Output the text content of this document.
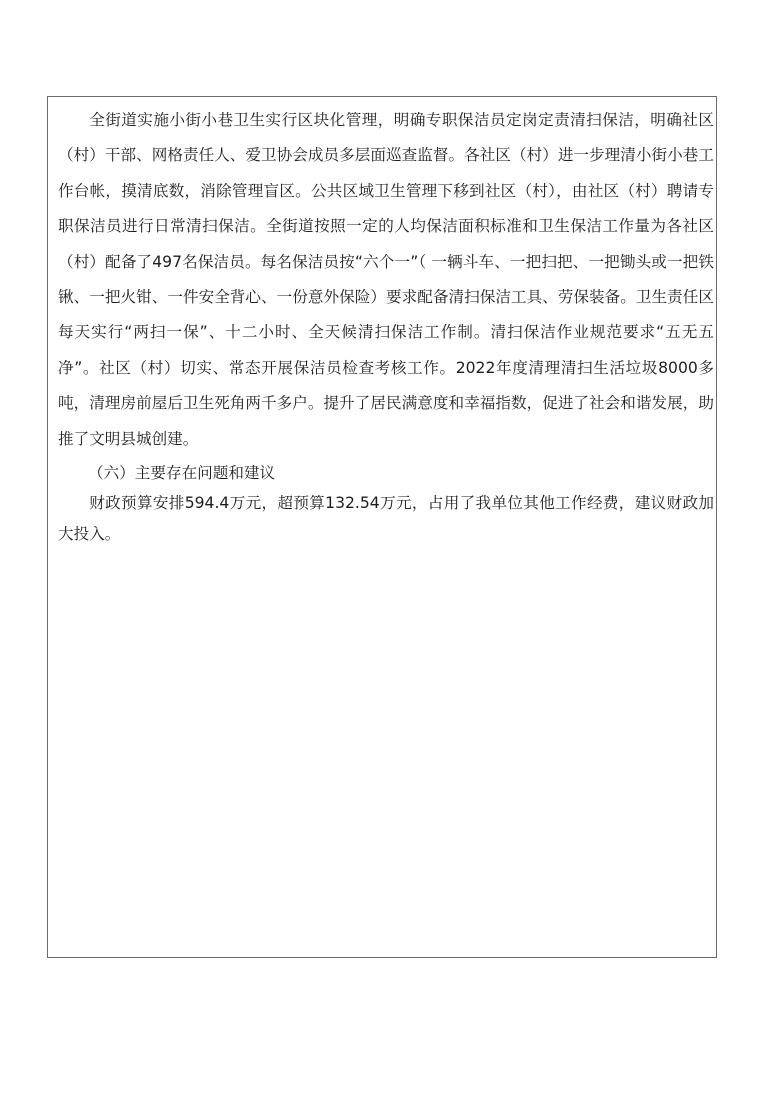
全街道实施小街小巷卫生实行区块化管理，明确专职保洁员定岗定责清扫保洁，明确社区（村）干部、网格责任人、爱卫协会成员多层面巡查监督。各社区（村）进一步理清小街小巷工作台帐，摸清底数，消除管理盲区。公共区域卫生管理下移到社区（村），由社区（村）聘请专职保洁员进行日常清扫保洁。全街道按照一定的人均保洁面积标准和卫生保洁工作量为各社区（村）配备了497名保洁员。每名保洁员按“六个一”（ 一辆斗车、一把扫把、一把锄头或一把铁锹、一把火钳、一件安全背心、一份意外保险）要求配备清扫保洁工具、劳保装备。卫生责任区每天实行“两扫一保”、十二小时、全天候清扫保洁工作制。清扫保洁作业规范要求“五无五净”。社区（村）切实、常态开展保洁员检查考核工作。2022年度清理清扫生活垃圾8000多吨，清理房前屋后卫生死角两千多户。提升了居民满意度和幸福指数，促进了社会和谐发展，助推了文明县城创建。

（六）主要存在问题和建议

财政预算安排594.4万元，超预算132.54万元，占用了我单位其他工作经费，建议财政加大投入。
